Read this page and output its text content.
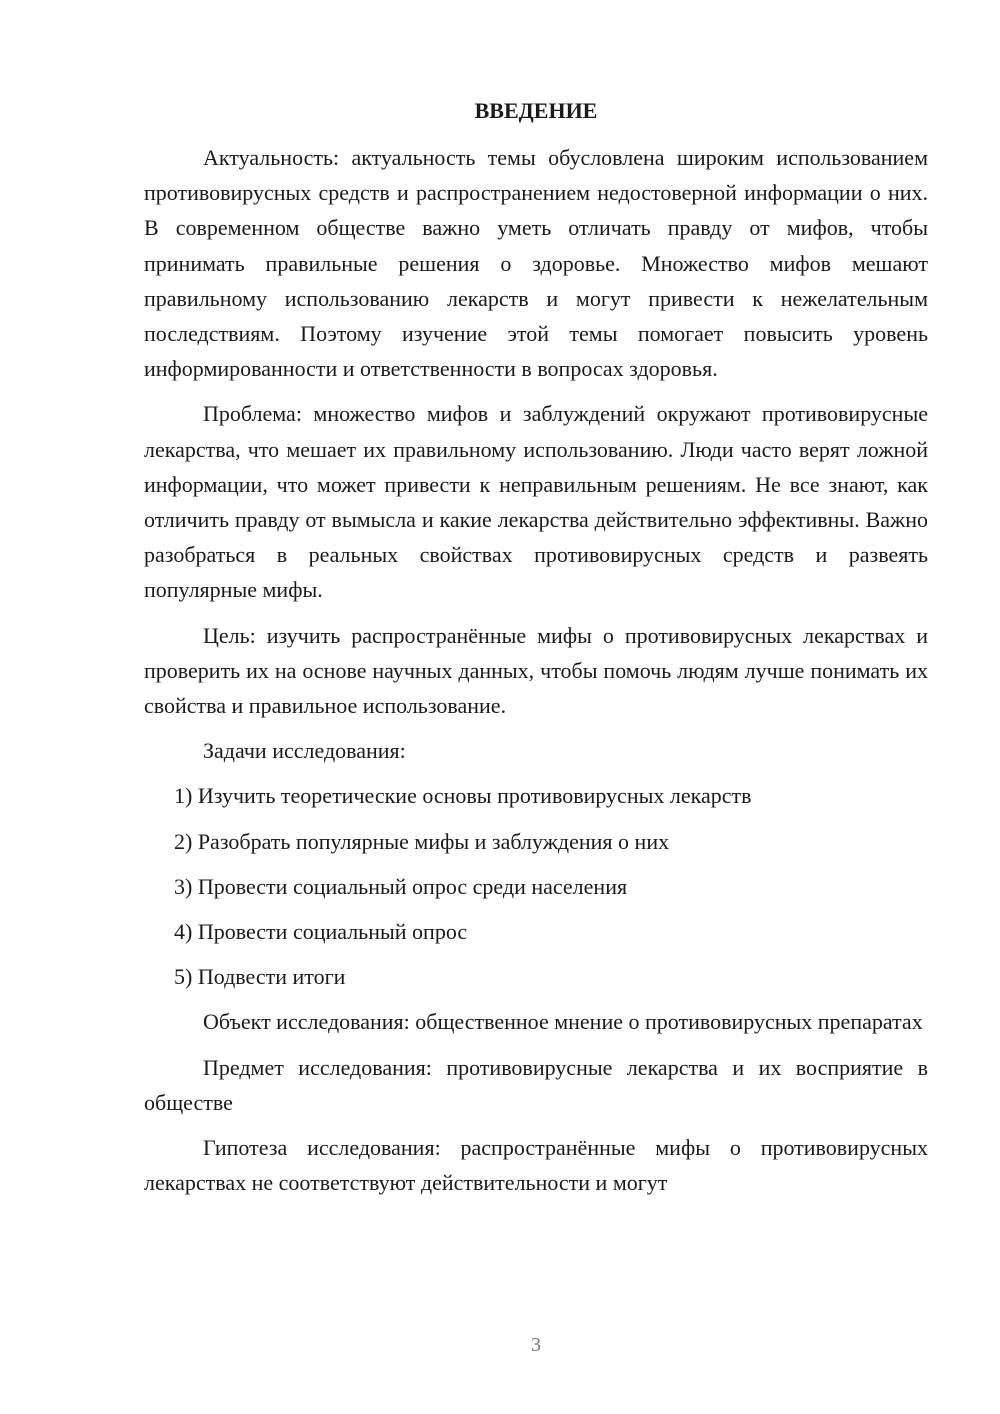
ВВЕДЕНИЕ

Актуальность: актуальность темы обусловлена широким использованием противовирусных средств и распространением недостоверной информации о них. В современном обществе важно уметь отличать правду от мифов, чтобы принимать правильные решения о здоровье. Множество мифов мешают правильному использованию лекарств и могут привести к нежелательным последствиям. Поэтому изучение этой темы помогает повысить уровень информированности и ответственности в вопросах здоровья.

Проблема: множество мифов и заблуждений окружают противовирусные лекарства, что мешает их правильному использованию. Люди часто верят ложной информации, что может привести к неправильным решениям. Не все знают, как отличить правду от вымысла и какие лекарства действительно эффективны. Важно разобраться в реальных свойствах противовирусных средств и развеять популярные мифы.

Цель: изучить распространённые мифы о противовирусных лекарствах и проверить их на основе научных данных, чтобы помочь людям лучше понимать их свойства и правильное использование.

Задачи исследования:

1) Изучить теоретические основы противовирусных лекарств

2) Разобрать популярные мифы и заблуждения о них

3) Провести социальный опрос среди населения

4) Провести социальный опрос

5) Подвести итоги

Объект исследования: общественное мнение о противовирусных препаратах

Предмет исследования: противовирусные лекарства и их восприятие в обществе

Гипотеза исследования: распространённые мифы о противовирусных лекарствах не соответствуют действительности и могут

3
